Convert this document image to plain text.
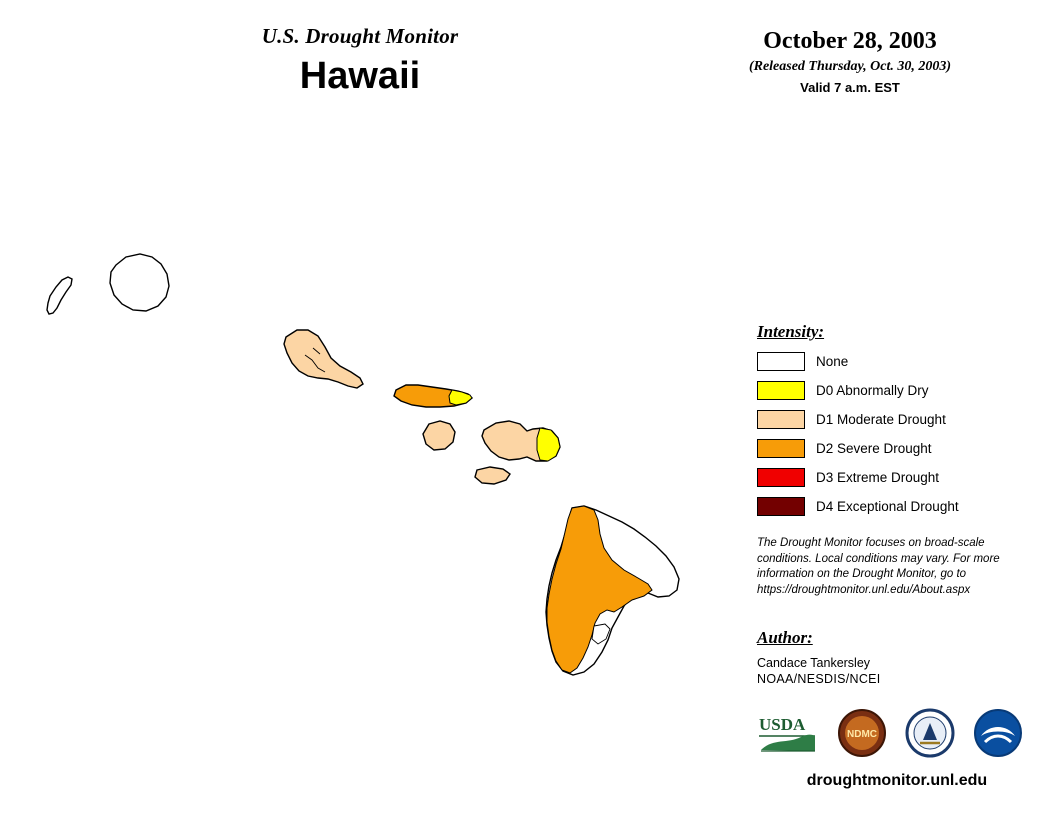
U.S. Drought Monitor
Hawaii
October 28, 2003
(Released Thursday, Oct. 30, 2003)
Valid 7 a.m. EST
Intensity:
None
D0 Abnormally Dry
D1 Moderate Drought
D2 Severe Drought
D3 Extreme Drought
D4 Exceptional Drought
The Drought Monitor focuses on broad-scale conditions. Local conditions may vary. For more information on the Drought Monitor, go to https://droughtmonitor.unl.edu/About.aspx
Author:
Candace Tankersley
NOAA/NESDIS/NCEI
USDA
NDMC
droughtmonitor.unl.edu
